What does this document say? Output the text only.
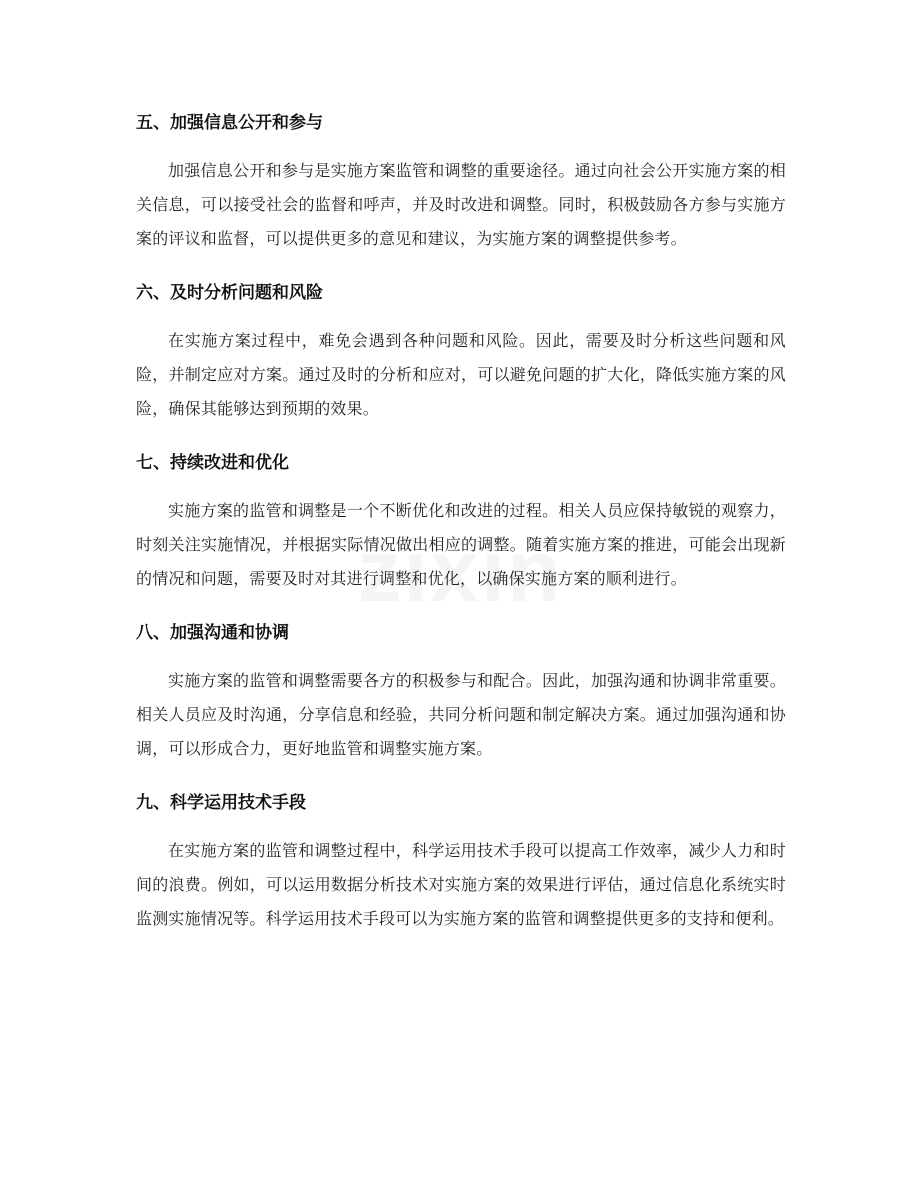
五、加强信息公开和参与

加强信息公开和参与是实施方案监管和调整的重要途径。通过向社会公开实施方案的相关信息，可以接受社会的监督和呼声，并及时改进和调整。同时，积极鼓励各方参与实施方案的评议和监督，可以提供更多的意见和建议，为实施方案的调整提供参考。

六、及时分析问题和风险

在实施方案过程中，难免会遇到各种问题和风险。因此，需要及时分析这些问题和风险，并制定应对方案。通过及时的分析和应对，可以避免问题的扩大化，降低实施方案的风险，确保其能够达到预期的效果。

七、持续改进和优化

实施方案的监管和调整是一个不断优化和改进的过程。相关人员应保持敏锐的观察力，时刻关注实施情况，并根据实际情况做出相应的调整。随着实施方案的推进，可能会出现新的情况和问题，需要及时对其进行调整和优化，以确保实施方案的顺利进行。

八、加强沟通和协调

实施方案的监管和调整需要各方的积极参与和配合。因此，加强沟通和协调非常重要。相关人员应及时沟通，分享信息和经验，共同分析问题和制定解决方案。通过加强沟通和协调，可以形成合力，更好地监管和调整实施方案。

九、科学运用技术手段

在实施方案的监管和调整过程中，科学运用技术手段可以提高工作效率，减少人力和时间的浪费。例如，可以运用数据分析技术对实施方案的效果进行评估，通过信息化系统实时监测实施情况等。科学运用技术手段可以为实施方案的监管和调整提供更多的支持和便利。
